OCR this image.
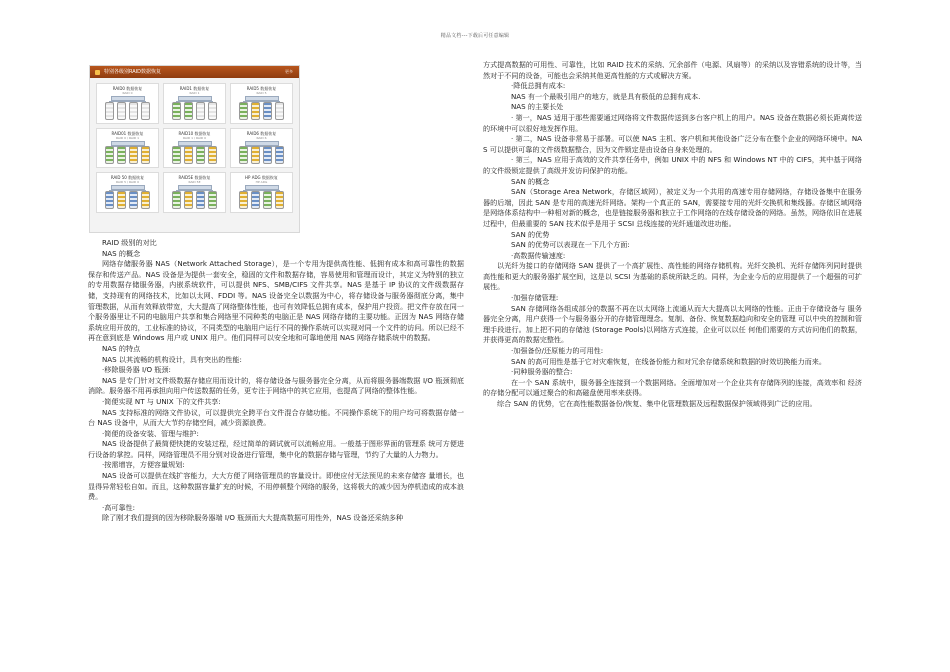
精品文档---下载后可任意编辑
特别各级别RAID数据恢复	更多
RAID0 数据恢复
RAID 0
RAID1 数据恢复
RAID 1
RAID5 数据恢复
RAID 5
RAID01 数据恢复
RAID 0 / RAID 1
RAID10 数据恢复
RAID 1 / RAID 0
RAID6 数据恢复
RAID 6
RAID 50 数据恢复
RAID 5 / RAID 0
RAID5E 数据恢复
RAID 5E
HP ADG 数据恢复
HP ADG

RAID 级别的对比

NAS 的概念

网络存储服务器 NAS（Network Attached Storage），是一个专用为提供高性能、低拥有成本和高可靠性的数据保存和传送产品。NAS 设备是为提供一套安全，稳固的文件和数据存储，容易使用和管理而设计，其定义为特别的独立的专用数据存储服务器，内嵌系统软件，可以提供 NFS、SMB/CIFS 文件共享。NAS 是基于 IP 协议的文件级数据存储，支持现有的网络技术，比如以太网、FDDI 等。NAS 设备完全以数据为中心，将存储设备与服务器彻底分离，集中管理数据，从而有效释放带宽，大大提高了网络整体性能，也可有效降低总拥有成本，保护用户投资。把文件存放在同一个服务器里让不同的电脑用户共享和集合网络里不同种类的电脑正是 NAS 网络存储的主要功能。正因为 NAS 网络存储系统应用开放的，工业标准的协议，不同类型的电脑用户运行不同的操作系统可以实现对同一个文件的访问。所以已经不再在意到底是 Windows 用户或 UNIX 用户。他们同样可以安全地和可靠地使用 NAS 网络存储系统中的数据。

NAS 的特点

NAS 以其流畅的机构设计，具有突出的性能:

·移除服务器 I/O 瓶颈:

NAS 是专门针对文件级数据存储应用而设计的，将存储设备与服务器完全分离，从而将服务器端数据 I/O 瓶颈彻底消除。服务器不用再承担向用户传送数据的任务，更专注于网络中的其它应用，也提高了网络的整体性能。

·简便实现 NT 与 UNIX 下的文件共享:

NAS 支持标准的网络文件协议，可以提供完全跨平台文件混合存储功能。不同操作系统下的用户均可将数据存储一台 NAS 设备中，从而大大节约存储空间，减少资源浪费。

·简便的设备安装、管理与维护:

NAS 设备提供了最简便快捷的安装过程，经过简单的调试就可以流畅应用。一般基于图形界面的管理系 统可方便进行设备的掌控。同样，网络管理员不用分别对设备进行管理，集中化的数据存储与管理，节约了大量的人力物力。

·按需增容，方便容量规划:

NAS 设备可以提供在线扩容能力，大大方便了网络管理员的容量设计。即使应付无法预见的未来存储容 量增长，也显得异常轻松自如。而且，这种数据容量扩充的时候，不用停顿整个网络的服务，这将极大的减少因为停机造成的成本浪费。

·高可靠性:

除了刚才我们提到的因为移除服务器端 I/O 瓶颈而大大提高数据可用性外，NAS 设备还采纳多种

方式提高数据的可用性、可靠性，比如 RAID 技术的采纳、冗余部件（电源、风扇等）的采纳以及容错系统的设计等，当然对于不同的设备，可能也会采纳其他更高性能的方式或解决方案。

·降低总拥有成本:

NAS 有一个最吸引用户的地方，就是具有极低的总拥有成本.

NAS 的主要长处

· 第一，NAS 适用于那些需要通过网络将文件数据传送到多台客户机上的用户。NAS 设备在数据必须长距离传送的环境中可以很好地发挥作用。

· 第二，NAS 设备非常易于部署。可以使 NAS 主机、客户机和其他设备广泛分布在整个企业的网络环境中。NAS 可以提供可靠的文件级数据整合，因为文件锁定是由设备自身来处理的。

· 第三，NAS 应用于高效的文件共享任务中，例如 UNIX 中的 NFS 和 Windows NT 中的 CIFS，其中基于网络的文件级锁定提供了高级并发访问保护的功能。

SAN 的概念

SAN（Storage Area Network，存储区域网），被定义为一个共用的高速专用存储网络，存储设备集中在服务器的后端，因此 SAN 是专用的高速光纤网络。架构一个真正的 SAN，需要接专用的光纤交换机和集线器。存储区域网络是网络体系结构中一种相对新的概念，也是链接服务器和独立于工作网络的在线存储设备的网络。虽然，网络依旧在进展过程中，但最重要的 SAN 技术似乎是用于 SCSI 总线连接的光纤通道改进功能。

SAN 的优势

SAN 的优势可以表现在一下几个方面:

·高数据传输速度:

以光纤为接口的存储网络 SAN 提供了一个高扩展性、高性能的网络存储机构。光纤交换机、光纤存储阵列同时提供高性能和更大的服务器扩展空间，这是以 SCSI 为基础的系统所缺乏的。同样，为企业今后的应用提供了一个超强的可扩展性。

·加强存储管理:

SAN 存储网络各组成部分的数据不再在以太网络上流通从而大大提高以太网络的性能。正由于存储设备与 服务器完全分离，用户获得一个与服务器分开的存储管理理念。复制、备份、恢复数据趋向和安全的管理 可以中央的控制和管理手段进行。加上把不同的存储池 (Storage Pools)以网络方式连接，企业可以以任 何他们需要的方式访问他们的数据，并获得更高的数据完整性。

·加强备份/还原能力的可用性:

SAN 的高可用性是基于它对灾难恢复，在线备份能力和对冗余存储系统和数据的时效切换能力而来。

·同种服务器的整合:

在一个 SAN 系统中，服务器全连接到一个数据网络。全面增加对一个企业共有存储阵列的连接，高效率和 经济的存储分配可以通过聚合的和高磁盘使用率来获得。

综合 SAN 的优势，它在高性能数据备份/恢复、集中化管理数据及远程数据保护领域得到广泛的应用。
